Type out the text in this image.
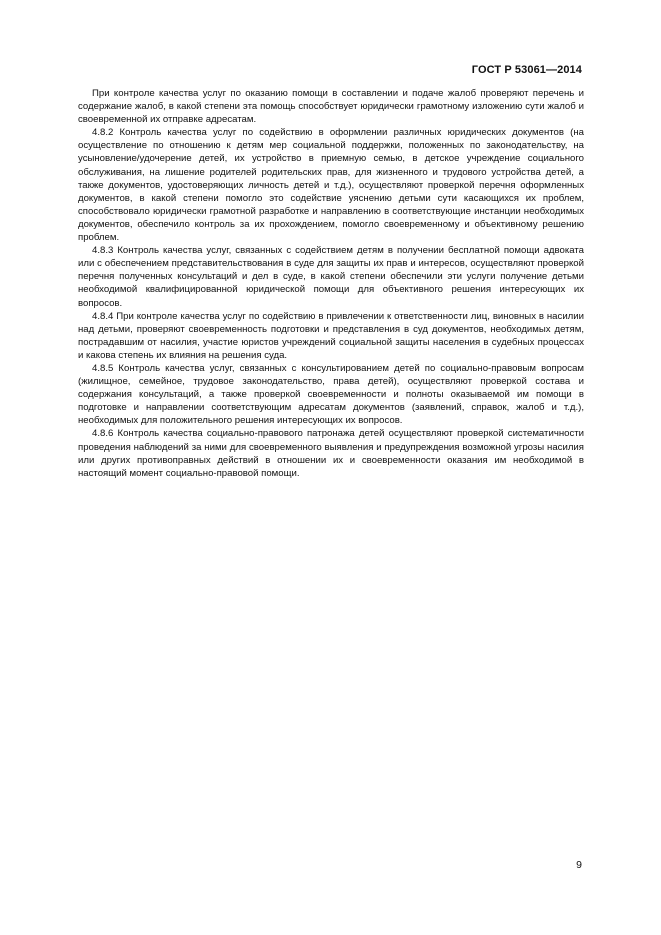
ГОСТ Р 53061—2014

При контроле качества услуг по оказанию помощи в составлении и подаче жалоб проверяют перечень и содержание жалоб, в какой степени эта помощь способствует юридически грамотному изложению сути жалоб и своевременной их отправке адресатам.

4.8.2 Контроль качества услуг по содействию в оформлении различных юридических документов (на осуществление по отношению к детям мер социальной поддержки, положенных по законодательству, на усыновление/удочерение детей, их устройство в приемную семью, в детское учреждение социального обслуживания, на лишение родителей родительских прав, для жизненного и трудового устройства детей, а также документов, удостоверяющих личность детей и т.д.), осуществляют проверкой перечня оформленных документов, в какой степени помогло это содействие уяснению детьми сути касающихся их проблем, способствовало юридически грамотной разработке и направлению в соответствующие инстанции необходимых документов, обеспечило контроль за их прохождением, помогло своевременному и объективному решению проблем.

4.8.3 Контроль качества услуг, связанных с содействием детям в получении бесплатной помощи адвоката или с обеспечением представительствования в суде для защиты их прав и интересов, осуществляют проверкой перечня полученных консультаций и дел в суде, в какой степени обеспечили эти услуги получение детьми необходимой квалифицированной юридической помощи для объективного решения интересующих их вопросов.

4.8.4 При контроле качества услуг по содействию в привлечении к ответственности лиц, виновных в насилии над детьми, проверяют своевременность подготовки и представления в суд документов, необходимых детям, пострадавшим от насилия, участие юристов учреждений социальной защиты населения в судебных процессах и какова степень их влияния на решения суда.

4.8.5 Контроль качества услуг, связанных с консультированием детей по социально-правовым вопросам (жилищное, семейное, трудовое законодательство, права детей), осуществляют проверкой состава и содержания консультаций, а также проверкой своевременности и полноты оказываемой им помощи в подготовке и направлении соответствующим адресатам документов (заявлений, справок, жалоб и т.д.), необходимых для положительного решения интересующих их вопросов.

4.8.6 Контроль качества социально-правового патронажа детей осуществляют проверкой систематичности проведения наблюдений за ними для своевременного выявления и предупреждения возможной угрозы насилия или других противоправных действий в отношении их и своевременности оказания им необходимой в настоящий момент социально-правовой помощи.

9
